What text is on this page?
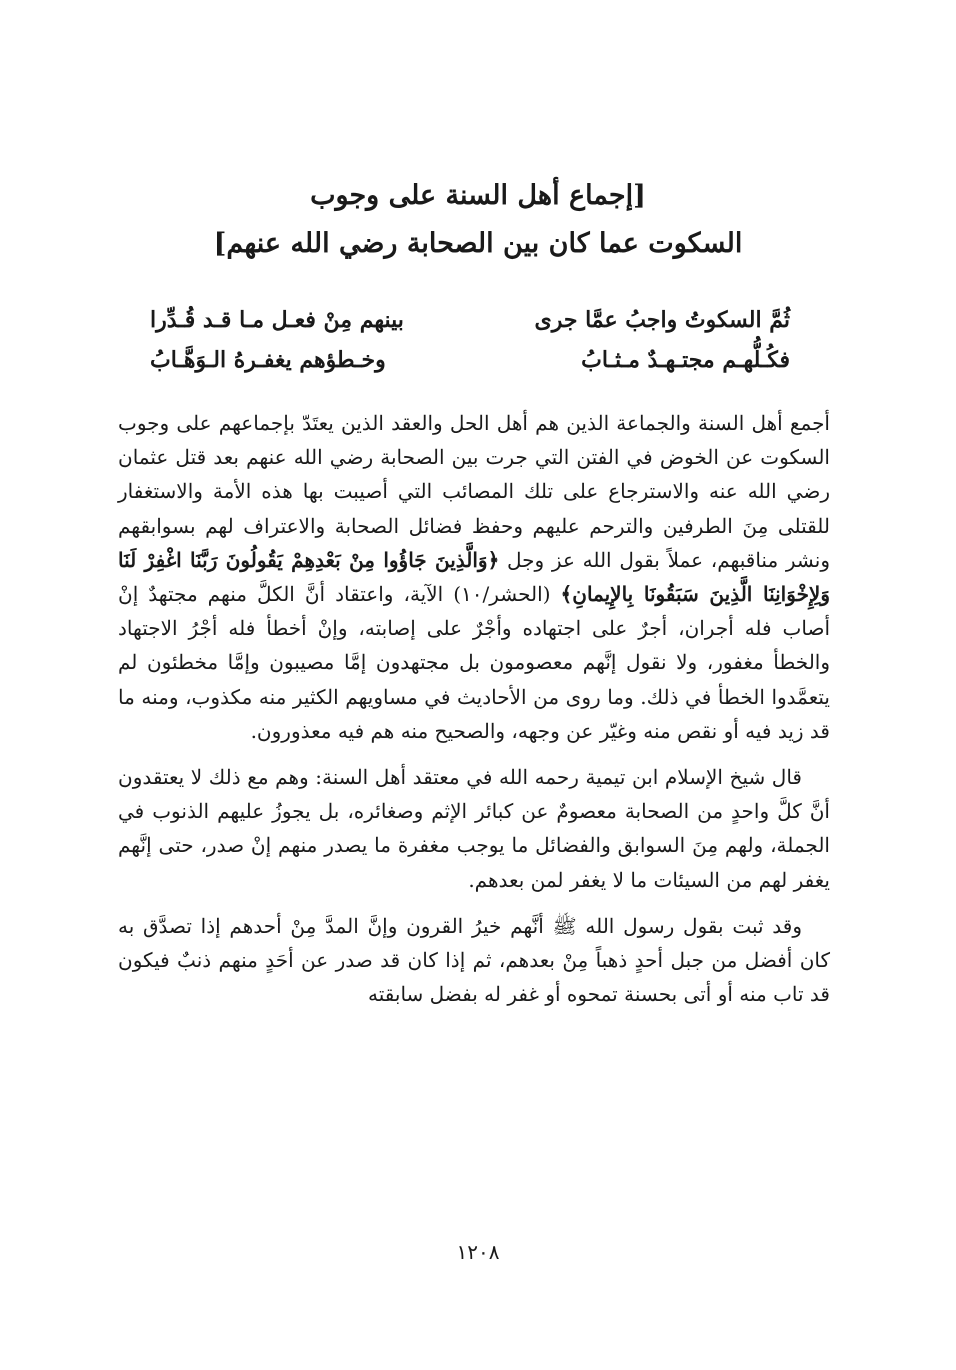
[إجماع أهل السنة على وجوب
السكوت عما كان بين الصحابة رضي الله عنهم]
ثُمَّ السكوتُ واجبُ عمَّا جرى
بينهم مِنْ فعـل مـا قـد قُـدِّرا
فكُـلُّهـم مجتـهـدٌ مـثـابُ
وخـطؤهم يغفـرهُ الـوَهَّـابُ

أجمع أهل السنة والجماعة الذين هم أهل الحل والعقد الذين يعتَدّ بإجماعهم على وجوب السكوت عن الخوض في الفتن التي جرت بين الصحابة رضي الله عنهم بعد قتل عثمان رضي الله عنه والاسترجاع على تلك المصائب التي أصيبت بها هذه الأمة والاستغفار للقتلى مِنَ الطرفين والترحم عليهم وحفظ فضائل الصحابة والاعتراف لهم بسوابقهم ونشر مناقبهم، عملاً بقول الله عز وجل ﴿وَالَّذِينَ جَاؤُوا مِنْ بَعْدِهِمْ يَقُولُونَ رَبَّنَا اغْفِرْ لَنَا وَلِإِخْوَانِنَا الَّذِينَ سَبَقُونَا بِالإِيمانِ﴾ (الحشر/١٠) الآية، واعتقاد أنَّ الكلَّ منهم مجتهدٌ إنْ أصاب فله أجران، أجرٌ على اجتهاده وأجْرٌ على إصابته، وإنْ أخطأ فله أجْرُ الاجتهاد والخطأ مغفور، ولا نقول إنَّهم معصومون بل مجتهدون إمَّا مصيبون وإمَّا مخطئون لم يتعمَّدوا الخطأ في ذلك. وما روى من الأحاديث في مساويهم الكثير منه مكذوب، ومنه ما قد زيد فيه أو نقص منه وغيّر عن وجهه، والصحيح منه هم فيه معذورون.

قال شيخ الإسلام ابن تيمية رحمه الله في معتقد أهل السنة: وهم مع ذلك لا يعتقدون أنَّ كلَّ واحدٍ من الصحابة معصومٌ عن كبائر الإثم وصغائره، بل يجوزُ عليهم الذنوب في الجملة، ولهم مِنَ السوابق والفضائل ما يوجب مغفرة ما يصدر منهم إنْ صدر، حتى إنَّهم يغفر لهم من السيئات ما لا يغفر لمن بعدهم.

وقد ثبت بقول رسول الله ﷺ أنَّهم خيرُ القرون وإنَّ المدَّ مِنْ أحدهم إذا تصدَّق به كان أفضل من جبل أحدٍ ذهباً مِنْ بعدهم، ثم إذا كان قد صدر عن أحَدٍ منهم ذنبٌ فيكون قد تاب منه أو أتى بحسنة تمحوه أو غفر له بفضل سابقته

١٢٠٨
